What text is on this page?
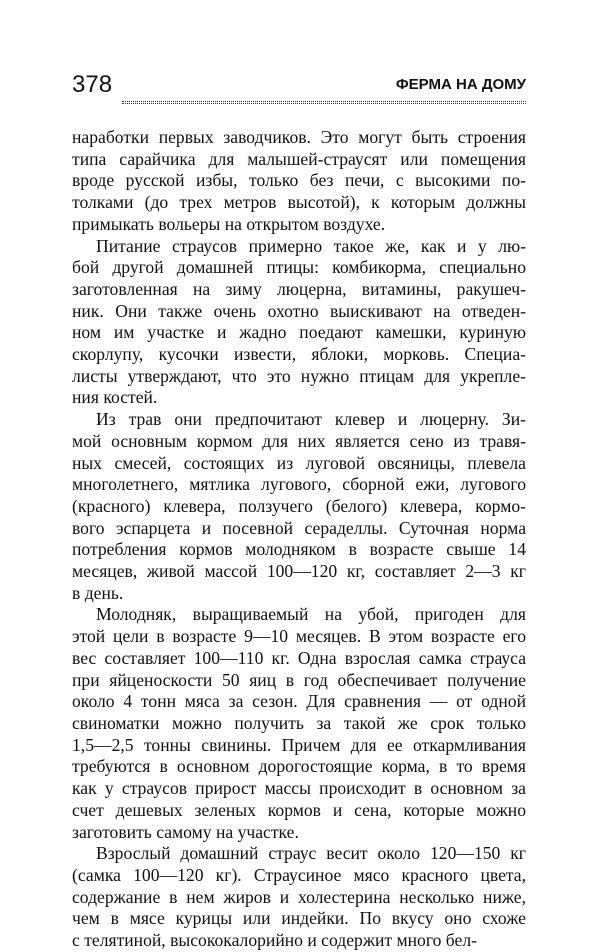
378	ФЕРМА НА ДОМУ

наработки первых заводчиков. Это могут быть строения
типа сарайчика для малышей-страусят или помещения
вроде русской избы, только без печи, с высокими по-
толками (до трех метров высотой), к которым должны
примыкать вольеры на открытом воздухе.

Питание страусов примерно такое же, как и у лю-
бой другой домашней птицы: комбикорма, специально
заготовленная на зиму люцерна, витамины, ракушеч-
ник. Они также очень охотно выискивают на отведен-
ном им участке и жадно поедают камешки, куриную
скорлупу, кусочки извести, яблоки, морковь. Специа-
листы утверждают, что это нужно птицам для укрепле-
ния костей.

Из трав они предпочитают клевер и люцерну. Зи-
мой основным кормом для них является сено из травя-
ных смесей, состоящих из луговой овсяницы, плевела
многолетнего, мятлика лугового, сборной ежи, лугового
(красного) клевера, ползучего (белого) клевера, кормо-
вого эспарцета и посевной сераделлы. Суточная норма
потребления кормов молодняком в возрасте свыше 14
месяцев, живой массой 100—120 кг, составляет 2—3 кг
в день.

Молодняк, выращиваемый на убой, пригоден для
этой цели в возрасте 9—10 месяцев. В этом возрасте его
вес составляет 100—110 кг. Одна взрослая самка страуса
при яйценоскости 50 яиц в год обеспечивает получение
около 4 тонн мяса за сезон. Для сравнения — от одной
свиноматки можно получить за такой же срок только
1,5—2,5 тонны свинины. Причем для ее откармливания
требуются в основном дорогостоящие корма, в то время
как у страусов прирост массы происходит в основном за
счет дешевых зеленых кормов и сена, которые можно
заготовить самому на участке.

Взрослый домашний страус весит около 120—150 кг
(самка 100—120 кг). Страусиное мясо красного цвета,
содержание в нем жиров и холестерина несколько ниже,
чем в мясе курицы или индейки. По вкусу оно схоже
с телятиной, высококалорийно и содержит много бел-
